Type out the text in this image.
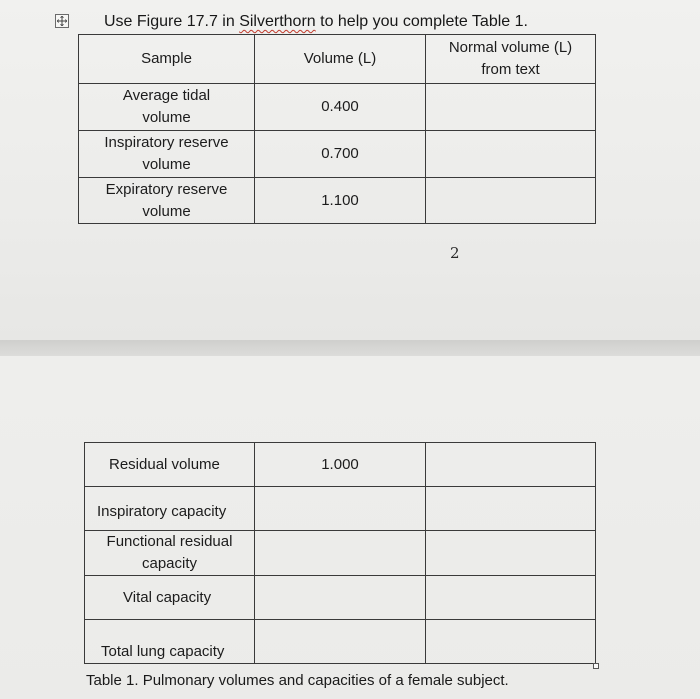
Use Figure 17.7 in Silverthorn to help you complete Table 1.
Sample	Volume (L)	Normal volume (L)
from text

Average tidal
volume	0.400	

Inspiratory reserve
volume	0.700	

Expiratory reserve
volume	1.100	

2
Residual volume	1.000	

Inspiratory capacity		

Functional residual
capacity		

Vital capacity		

Total lung capacity		

Table 1. Pulmonary volumes and capacities of a female subject.
